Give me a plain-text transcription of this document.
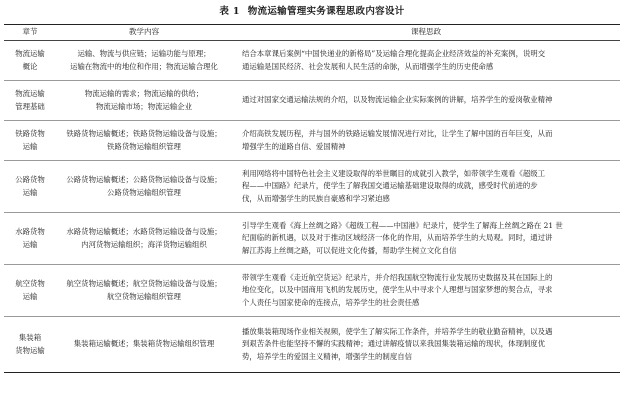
表 1 物流运输管理实务课程思政内容设计
章节	教学内容	课程思政

物流运输
概论	运输、物流与供应链；运输功能与原理；
运输在物流中的地位和作用；物流运输合理化	结合本章课后案例“中国快递业的新格局”及运输合理化提高企业经济效益的补充案例，说明交
通运输是国民经济、社会发展和人民生活的命脉，从而增强学生的历史使命感

物流运输
管理基础	物流运输的需求；物流运输的供给；
物流运输市场；物流运输企业	通过对国家交通运输法规的介绍，以及物流运输企业实际案例的讲解，培养学生的爱岗敬业精神

铁路货物
运输	铁路货物运输概述；铁路货物运输设备与设施；
铁路货物运输组织管理	介绍高铁发展历程，并与国外的铁路运输发展情况进行对比，让学生了解中国的百年巨变，从而
增强学生的道路自信、爱国精神

公路货物
运输	公路货物运输概述；公路货物运输设备与设施；
公路货物运输组织管理	利用网络将中国特色社会主义建设取得的举世瞩目的成就引入教学，如带领学生观看《超级工
程——中国路》纪录片，使学生了解我国交通运输基础建设取得的成就，感受时代前进的步
伐，从而增强学生的民族自豪感和学习紧迫感

水路货物
运输	水路货物运输概述；水路货物运输设备与设施；
内河货物运输组织；海洋货物运输组织	引导学生观看《海上丝绸之路》《超级工程——中国港》纪录片，使学生了解海上丝绸之路在 21 世
纪面临的新机遇，以及对于推动区域经济一体化的作用，从而培养学生的大局观。同时，通过讲
解江苏海上丝绸之路，可以促进文化传播，帮助学生树立文化自信

航空货物
运输	航空货物运输概述；航空货物运输设备与设施；
航空货物运输组织管理	带领学生观看《走近航空货运》纪录片，并介绍我国航空物流行业发展历史数据及其在国际上的
地位变化，以及中国商用飞机的发展历史，使学生从中寻求个人理想与国家梦想的契合点，寻求
个人责任与国家使命的连接点，培养学生的社会责任感

集装箱
货物运输	集装箱运输概述；集装箱货物运输组织管理	播放集装箱现场作业相关视频，使学生了解实际工作条件，并培养学生的敬业勤奋精神，以及遇
到艰苦条件也能坚持不懈的实践精神；通过讲解疫情以来我国集装箱运输的现状，体现制度优
势，培养学生的爱国主义精神，增强学生的制度自信
